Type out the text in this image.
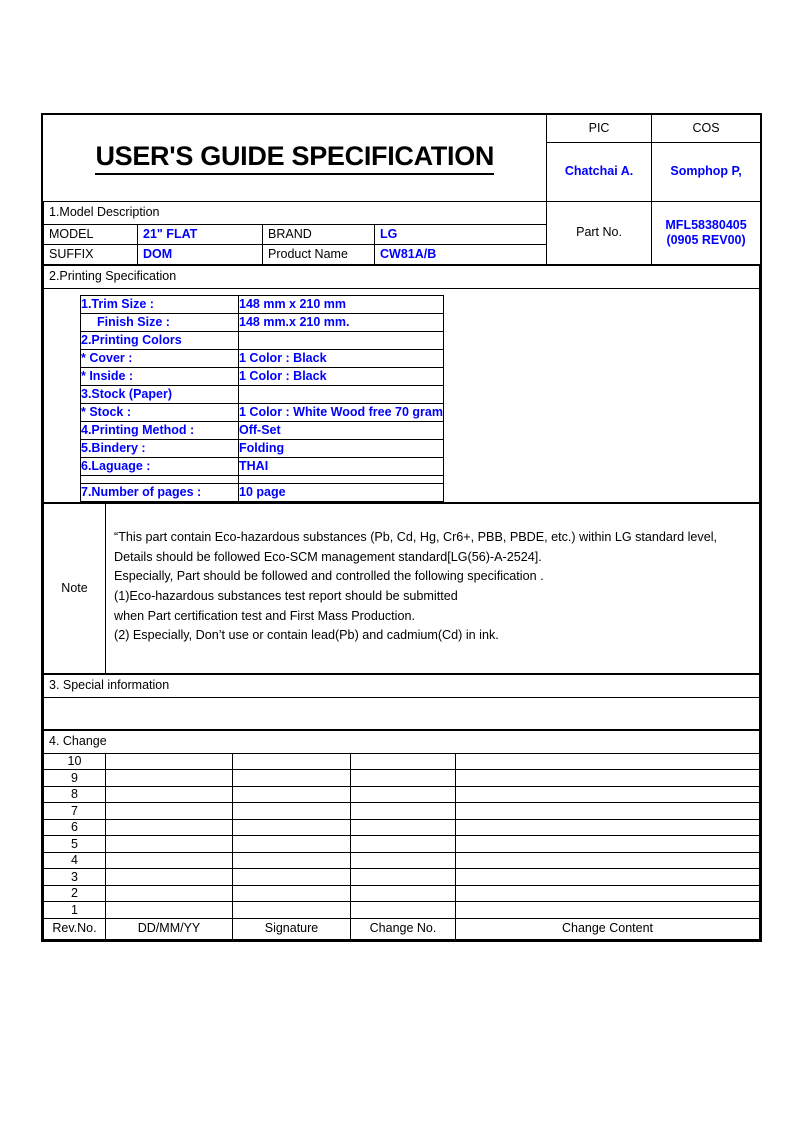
USER'S GUIDE SPECIFICATION				PIC	COS
				Chatchai A.	Somphop P,
1.Model Description				Part No.	MFL58380405
(0905 REV00)

MODEL	21" FLAT	BRAND	LG		
SUFFIX	DOM	Product Name	CW81A/B		
2.Printing Specification

1.Trim Size :	148 mm x 210 mm
Finish Size :	148 mm.x 210 mm.
2.Printing Colors	
* Cover :	1 Color : Black
* Inside :	1 Color : Black
3.Stock (Paper)	
* Stock :	1 Color : White Wood free 70 gram
4.Printing Method :	Off-Set
5.Bindery :	Folding
6.Laguage :	THAI

7.Number of pages :	10 page
Note	

“This part contain Eco-hazardous substances (Pb, Cd, Hg, Cr6+, PBB, PBDE, etc.) within LG standard level,

Details should be followed Eco-SCM management standard[LG(56)-A-2524].

Especially, Part should be followed and controlled the following specification .

(1)Eco-hazardous substances test report should be submitted

when Part certification test and First Mass Production.

(2) Especially, Don’t use or contain lead(Pb) and cadmium(Cd) in ink.

3. Special information

4. Change				
10				
9				
8				
7				
6				
5				
4				
3				
2				
1				
Rev.No.	DD/MM/YY	Signature	Change No.	Change Content
